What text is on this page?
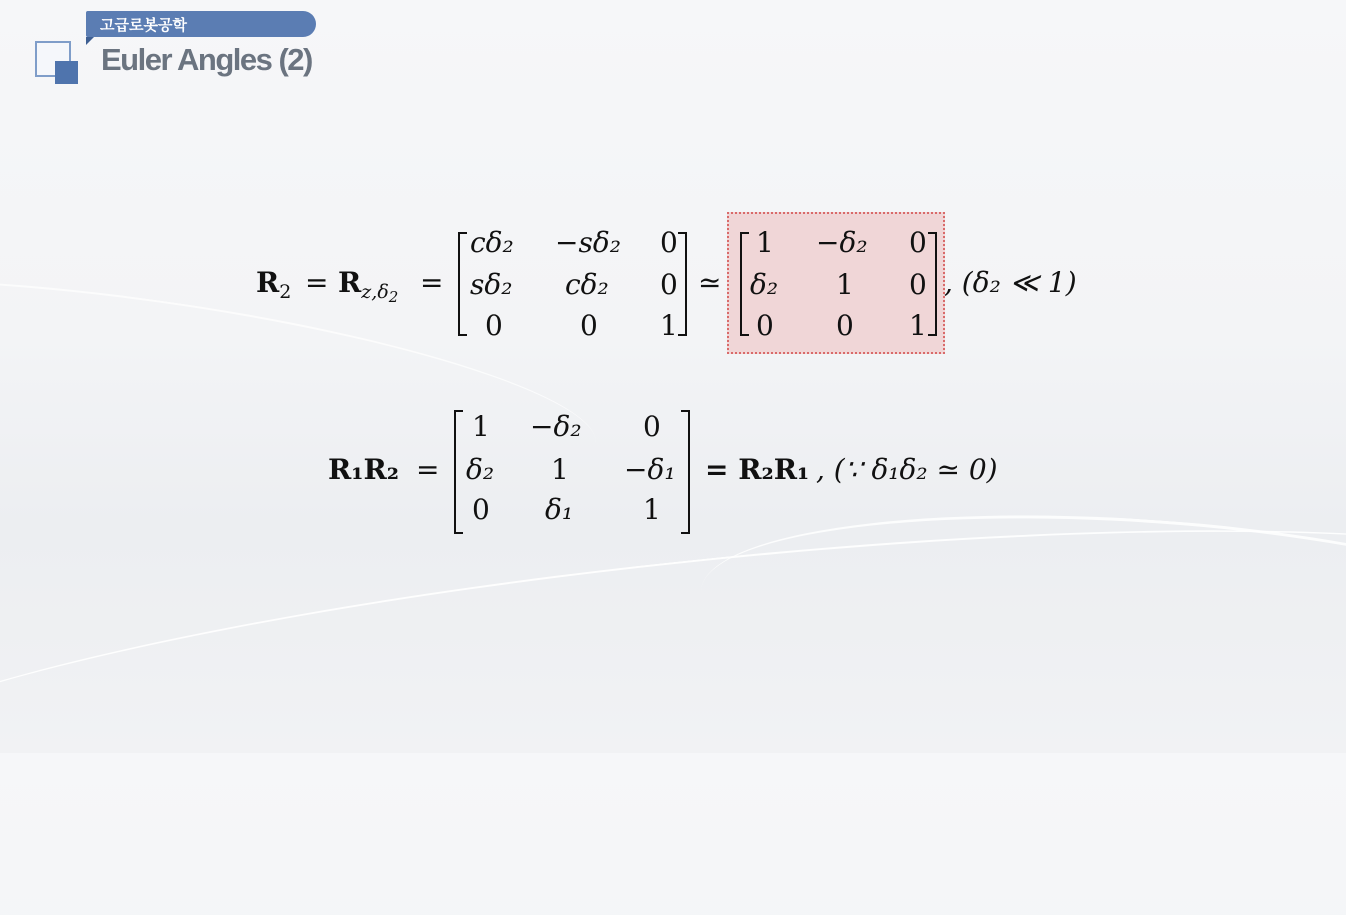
고급로봇공학
Euler Angles (2)
$R_2 = R_{z,\delta_2}$ =
cδ₂ −sδ₂ 0
sδ₂ cδ₂ 0
0	0 1
≃
1 −δ₂ 0
δ₂ 1 0
0 0 1
, (δ₂ ≪ 1)
R₁R₂ =
1 −δ₂ 0
δ₂ 1 −δ₁
0 δ₁ 1
= R₂R₁ , (∵ δ₁δ₂ ≃ 0)
